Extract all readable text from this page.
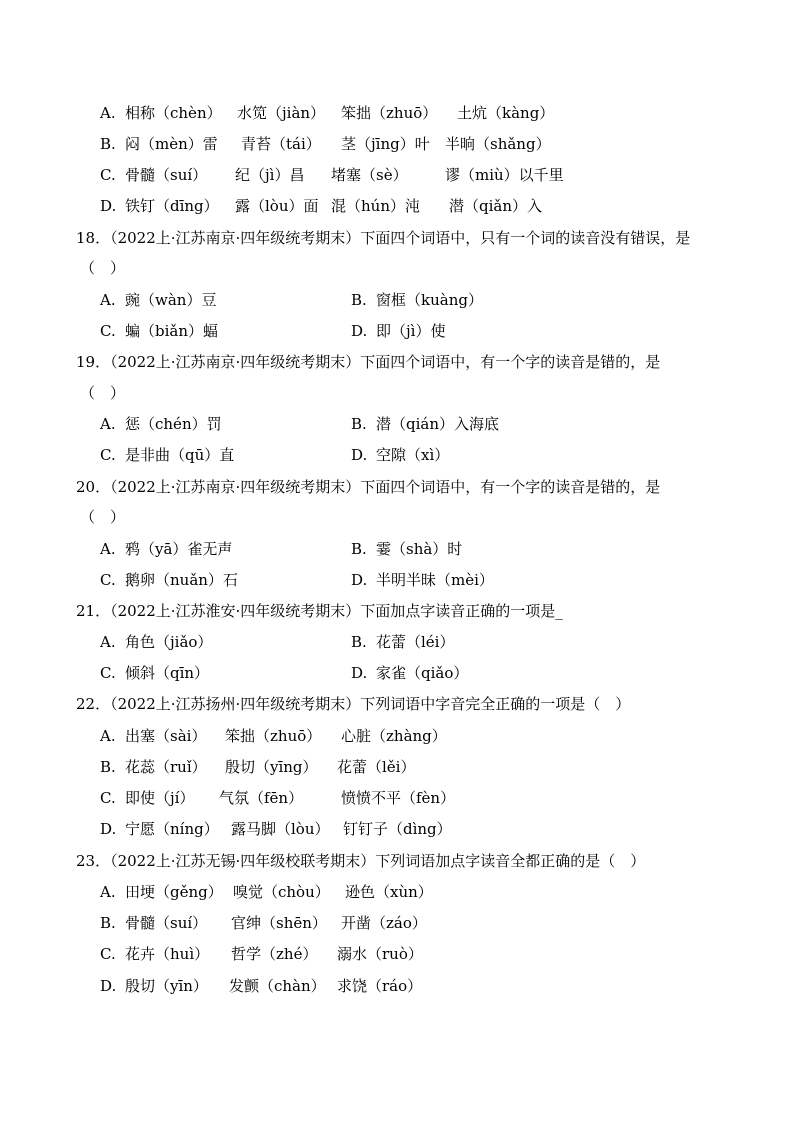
A. 相称（chèn） 水笕（jiàn） 笨拙（zhuō） 土炕（kàng）
B. 闷（mèn）雷 青苔（tái） 茎（jīng）叶 半晌（shǎng）
C. 骨髓（suí） 纪（jì）昌 堵塞（sè） 谬（miù）以千里
D. 铁钉（dīng） 露（lòu）面 混（hún）沌 潜（qiǎn）入
18．（2022上·江苏南京·四年级统考期末）下面四个词语中，只有一个词的读音没有错误，是
（　）
A. 豌（wàn）豆	B. 窗框（kuàng）
C. 蝙（biǎn）蝠	D. 即（jì）使
19．（2022上·江苏南京·四年级统考期末）下面四个词语中，有一个字的读音是错的，是
（　）
A. 惩（chén）罚	B. 潜（qián）入海底
C. 是非曲（qū）直	D. 空隙（xì）
20．（2022上·江苏南京·四年级统考期末）下面四个词语中，有一个字的读音是错的，是
（　）
A. 鸦（yā）雀无声	B. 霎（shà）时
C. 鹅卵（nuǎn）石	D. 半明半昧（mèi）
21．（2022上·江苏淮安·四年级统考期末）下面加点字读音正确的一项是_
A. 角色（jiǎo）	B. 花蕾（léi）
C. 倾斜（qīn）	D. 家雀（qiǎo）
22．（2022上·江苏扬州·四年级统考期末）下列词语中字音完全正确的一项是（　）
A. 出塞（sài） 笨拙（zhuō） 心脏（zhàng）
B. 花蕊（ruǐ） 殷切（yīng） 花蕾（lěi）
C. 即使（jí） 气氛（fēn）	愤愤不平（fèn）
D. 宁愿（níng） 露马脚（lòu） 钉钉子（dìng）
23．（2022上·江苏无锡·四年级校联考期末）下列词语加点字读音全都正确的是（　）
A. 田埂（gěng） 嗅觉（chòu） 逊色（xùn）
B. 骨髓（suí） 官绅（shēn） 开凿（záo）
C. 花卉（huì） 哲学（zhé） 溺水（ruò）
D. 殷切（yīn） 发颤（chàn） 求饶（ráo）
